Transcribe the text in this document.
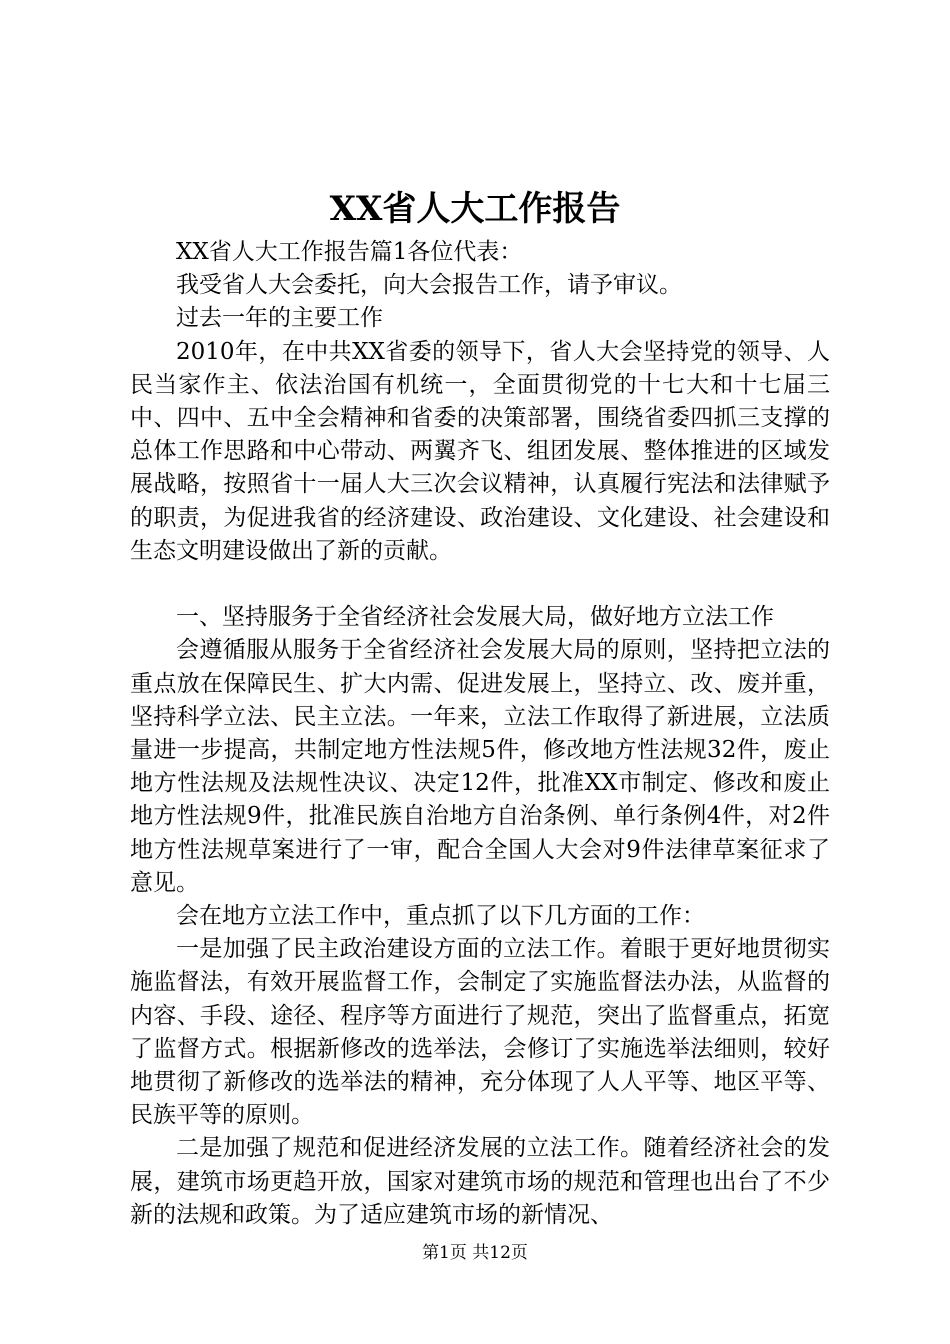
XX省人大工作报告

XX省人大工作报告篇1各位代表：

我受省人大会委托，向大会报告工作，请予审议。

过去一年的主要工作

2010年，在中共XX省委的领导下，省人大会坚持党的领导、人民当家作主、依法治国有机统一，全面贯彻党的十七大和十七届三中、四中、五中全会精神和省委的决策部署，围绕省委四抓三支撑的总体工作思路和中心带动、两翼齐飞、组团发展、整体推进的区域发展战略，按照省十一届人大三次会议精神，认真履行宪法和法律赋予的职责，为促进我省的经济建设、政治建设、文化建设、社会建设和生态文明建设做出了新的贡献。

一、坚持服务于全省经济社会发展大局，做好地方立法工作

会遵循服从服务于全省经济社会发展大局的原则，坚持把立法的重点放在保障民生、扩大内需、促进发展上，坚持立、改、废并重，坚持科学立法、民主立法。一年来，立法工作取得了新进展，立法质量进一步提高，共制定地方性法规5件，修改地方性法规32件，废止地方性法规及法规性决议、决定12件，批准XX市制定、修改和废止地方性法规9件，批准民族自治地方自治条例、单行条例4件，对2件地方性法规草案进行了一审，配合全国人大会对9件法律草案征求了意见。

会在地方立法工作中，重点抓了以下几方面的工作：

一是加强了民主政治建设方面的立法工作。着眼于更好地贯彻实施监督法，有效开展监督工作，会制定了实施监督法办法，从监督的内容、手段、途径、程序等方面进行了规范，突出了监督重点，拓宽了监督方式。根据新修改的选举法，会修订了实施选举法细则，较好地贯彻了新修改的选举法的精神，充分体现了人人平等、地区平等、民族平等的原则。

二是加强了规范和促进经济发展的立法工作。随着经济社会的发展，建筑市场更趋开放，国家对建筑市场的规范和管理也出台了不少新的法规和政策。为了适应建筑市场的新情况、

第1页 共12页
